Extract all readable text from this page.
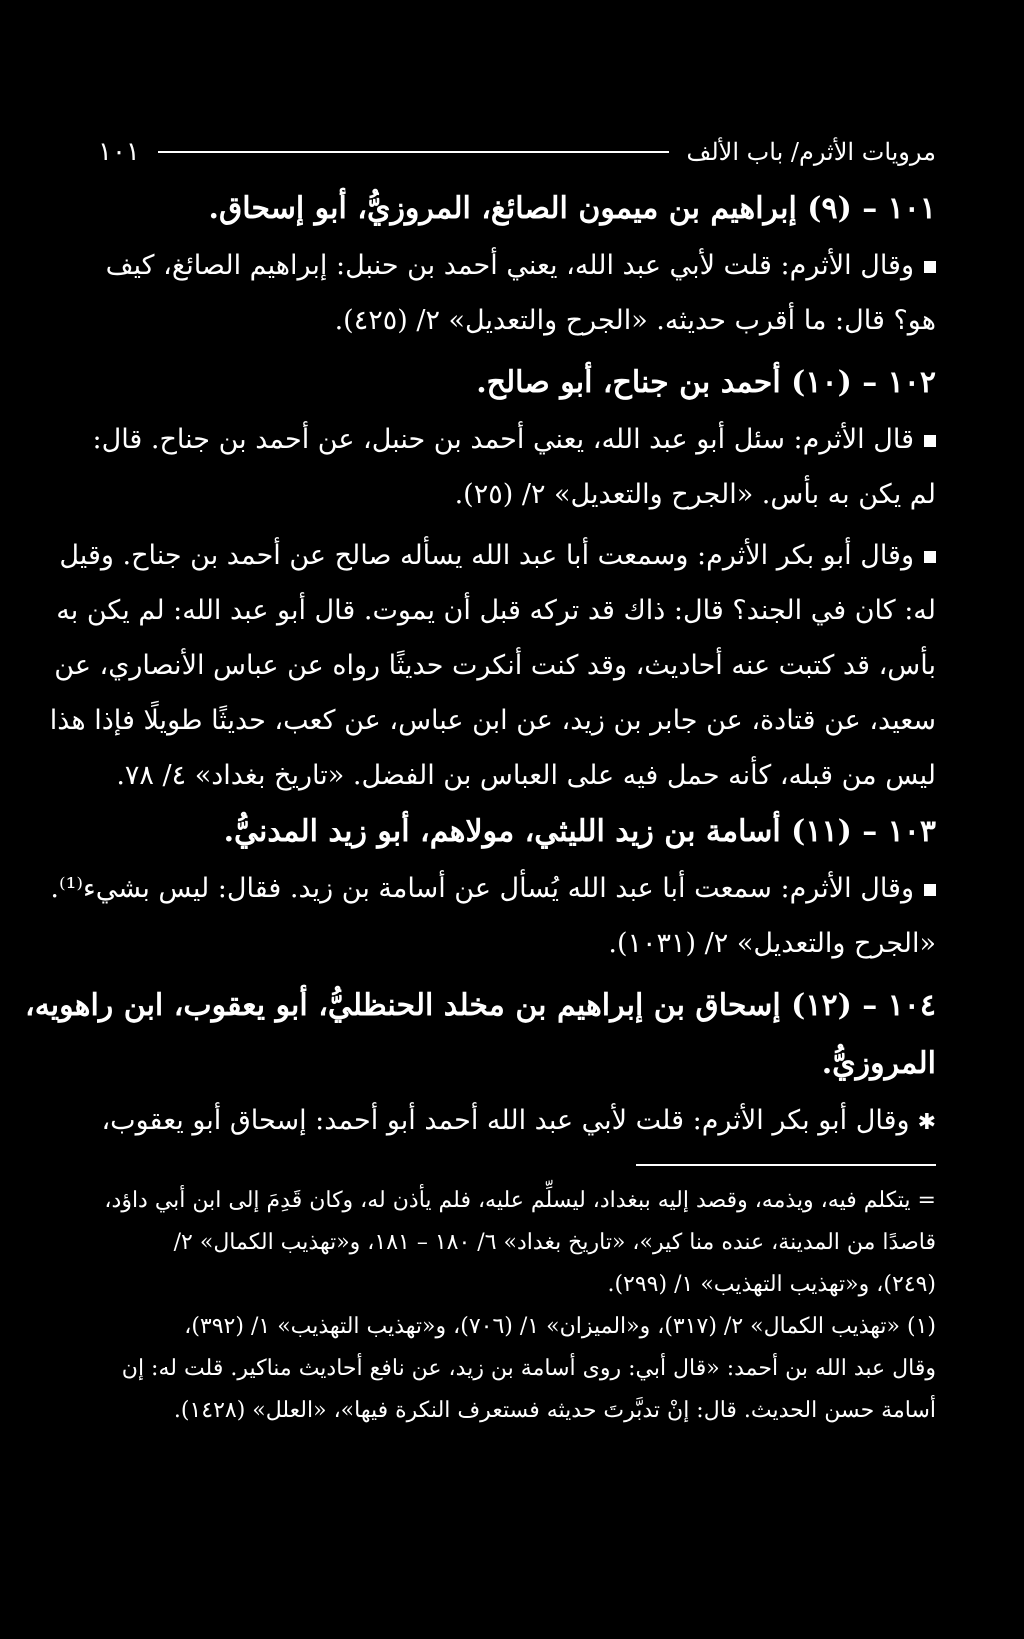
مرويات الأثرم/ باب الألف
١٠١
١٠١ – (٩) إبراهيم بن ميمون الصائغ، المروزيُّ، أبو إسحاق.
وقال الأثرم: قلت لأبي عبد الله، يعني أحمد بن حنبل: إبراهيم الصائغ، كيف
هو؟ قال: ما أقرب حديثه. «الجرح والتعديل» ٢/ (٤٢٥).
١٠٢ – (١٠) أحمد بن جناح، أبو صالح.
قال الأثرم: سئل أبو عبد الله، يعني أحمد بن حنبل، عن أحمد بن جناح. قال:
لم يكن به بأس. «الجرح والتعديل» ٢/ (٢٥).
وقال أبو بكر الأثرم: وسمعت أبا عبد الله يسأله صالح عن أحمد بن جناح. وقيل
له: كان في الجند؟ قال: ذاك قد تركه قبل أن يموت. قال أبو عبد الله: لم يكن به
بأس، قد كتبت عنه أحاديث، وقد كنت أنكرت حديثًا رواه عن عباس الأنصاري، عن
سعيد، عن قتادة، عن جابر بن زيد، عن ابن عباس، عن كعب، حديثًا طويلًا فإذا هذا
ليس من قبله، كأنه حمل فيه على العباس بن الفضل. «تاريخ بغداد» ٤/ ٧٨.
١٠٣ – (١١) أسامة بن زيد الليثي، مولاهم، أبو زيد المدنيُّ.
وقال الأثرم: سمعت أبا عبد الله يُسأل عن أسامة بن زيد. فقال: ليس بشيء⁽¹⁾.
«الجرح والتعديل» ٢/ (١٠٣١).
١٠٤ – (١٢) إسحاق بن إبراهيم بن مخلد الحنظليُّ، أبو يعقوب، ابن راهويه،
المروزيُّ.
✱وقال أبو بكر الأثرم: قلت لأبي عبد الله أحمد أبو أحمد: إسحاق أبو يعقوب،
= يتكلم فيه، ويذمه، وقصد إليه ببغداد، ليسلِّم عليه، فلم يأذن له، وكان قَدِمَ إلى ابن أبي داؤد،
قاصدًا من المدينة، عنده منا كير»، «تاريخ بغداد» ٦/ ١٨٠ – ١٨١، و«تهذيب الكمال» ٢/
(٢٤٩)، و«تهذيب التهذيب» ١/ (٢٩٩).
(١) «تهذيب الكمال» ٢/ (٣١٧)، و«الميزان» ١/ (٧٠٦)، و«تهذيب التهذيب» ١/ (٣٩٢)،
وقال عبد الله بن أحمد: «قال أبي: روى أسامة بن زيد، عن نافع أحاديث مناكير. قلت له: إن
أسامة حسن الحديث. قال: إنْ تدبَّرتَ حديثه فستعرف النكرة فيها»، «العلل» (١٤٢٨).
